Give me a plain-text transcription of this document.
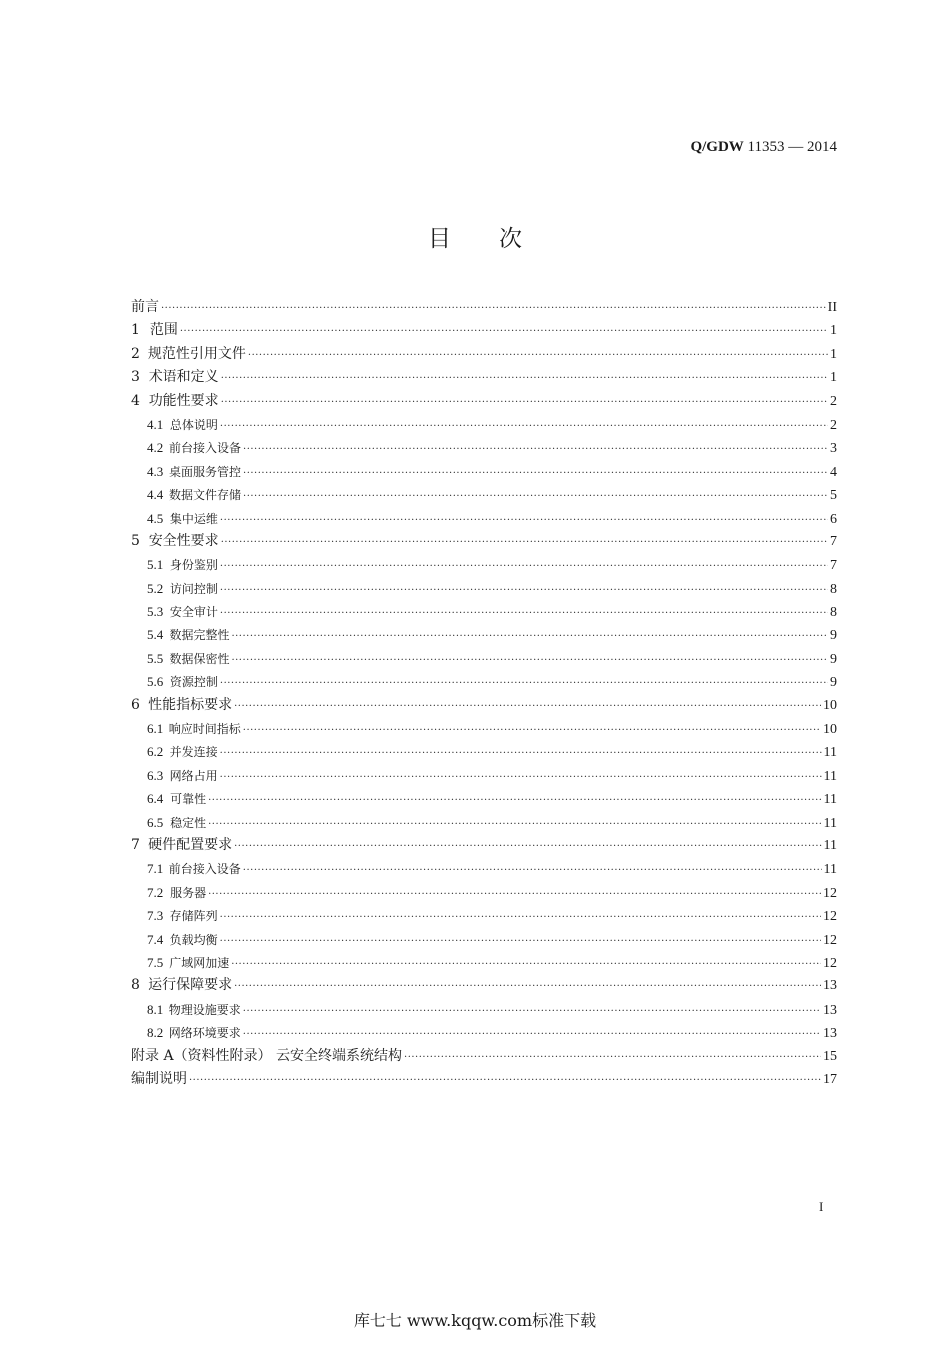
Q/GDW 11353 — 2014
目次
前言 ·····	II
1 范围 ·····	1
2 规范性引用文件 ·····	1
3 术语和定义 ·····	1
4 功能性要求 ·····	2
4.1 总体说明 ·····	2
4.2 前台接入设备 ·····	3
4.3 桌面服务管控 ·····	4
4.4 数据文件存储 ·····	5
4.5 集中运维 ·····	6
5 安全性要求 ·····	7
5.1 身份鉴别 ·····	7
5.2 访问控制 ·····	8
5.3 安全审计 ·····	8
5.4 数据完整性 ·····	9
5.5 数据保密性 ·····	9
5.6 资源控制 ·····	9
6 性能指标要求 ·····	10
6.1 响应时间指标 ·····	10
6.2 并发连接 ·····	11
6.3 网络占用 ·····	11
6.4 可靠性 ·····	11
6.5 稳定性 ·····	11
7 硬件配置要求 ·····	11
7.1 前台接入设备 ·····	11
7.2 服务器 ·····	12
7.3 存储阵列 ·····	12
7.4 负载均衡 ·····	12
7.5 广域网加速 ·····	12
8 运行保障要求 ·····	13
8.1 物理设施要求 ·····	13
8.2 网络环境要求 ·····	13
附录 A（资料性附录） 云安全终端系统结构 ·····	15
编制说明 ·····	17
I
库七七 www.kqqw.com标准下载
